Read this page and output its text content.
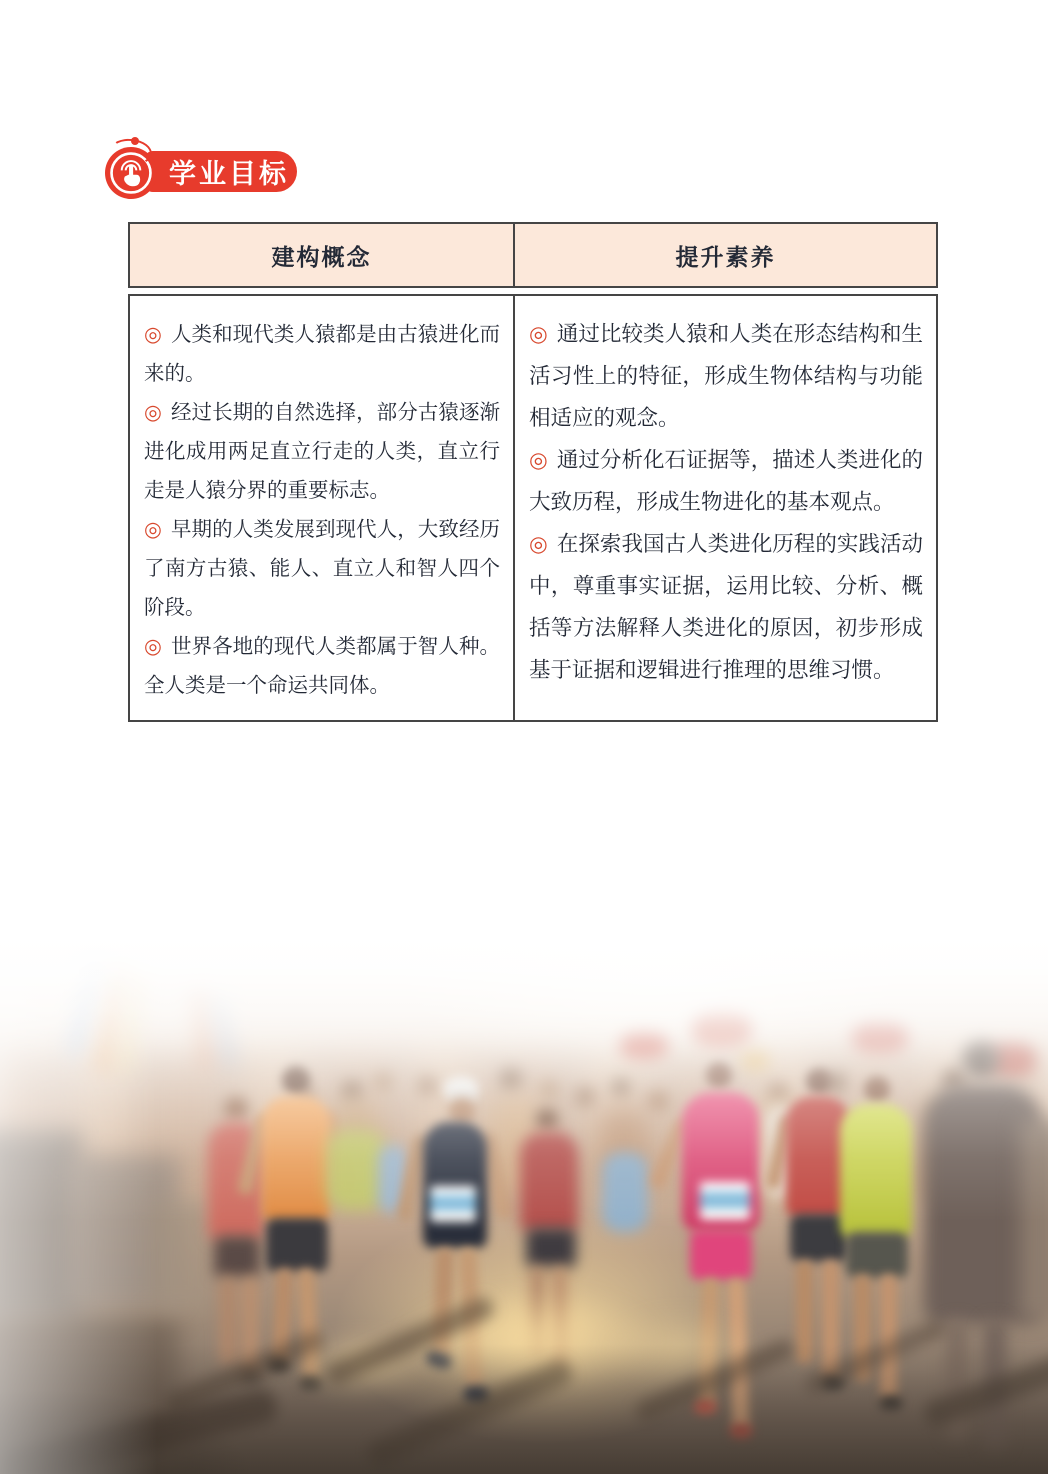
学业目标
建构概念	提升素养

◎ 人类和现代类人猿都是由古猿进化而来的。

◎ 经过长期的自然选择，部分古猿逐渐进化成用两足直立行走的人类，直立行走是人猿分界的重要标志。

◎ 早期的人类发展到现代人，大致经历了南方古猿、能人、直立人和智人四个阶段。

◎ 世界各地的现代人类都属于智人种。全人类是一个命运共同体。

◎ 通过比较类人猿和人类在形态结构和生活习性上的特征，形成生物体结构与功能相适应的观念。

◎ 通过分析化石证据等，描述人类进化的大致历程，形成生物进化的基本观点。

◎ 在探索我国古人类进化历程的实践活动中，尊重事实证据，运用比较、分析、概括等方法解释人类进化的原因，初步形成基于证据和逻辑进行推理的思维习惯。
